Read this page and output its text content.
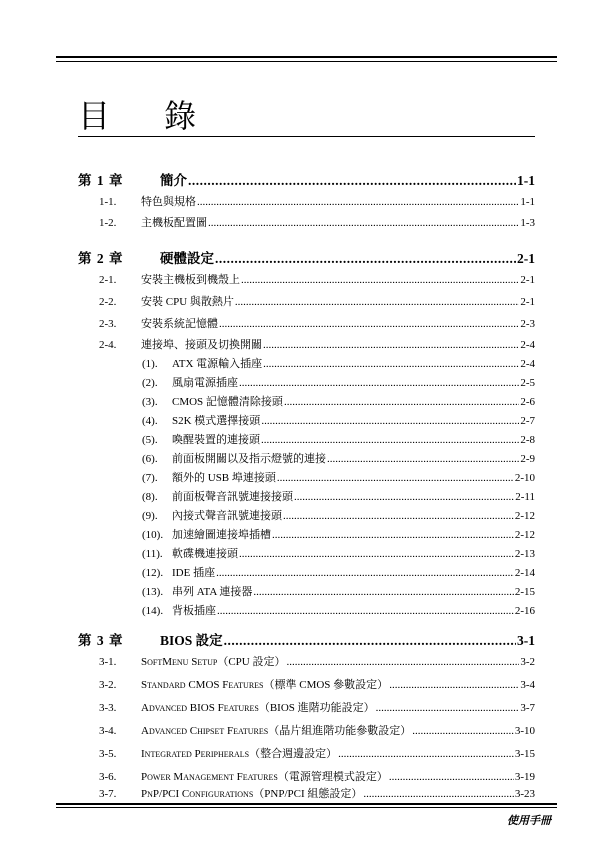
目 錄
第 1 章	簡介 .....	1-1
1-1.	特色與規格 .....	1-1
1-2.	主機板配置圖 .....	1-3
第 2 章	硬體設定 .....	2-1
2-1.	安裝主機板到機殼上 .....	2-1
2-2.	安裝 CPU 與散熱片 .....	2-1
2-3.	安裝系統記憶體 .....	2-3
2-4.	連接埠、接頭及切換開關 .....	2-4
(1).	ATX 電源輸入插座 .....	2-4
(2).	風扇電源插座 .....	2-5
(3).	CMOS 記憶體清除接頭 .....	2-6
(4).	S2K 模式選擇接頭 .....	2-7
(5).	喚醒裝置的連接頭 .....	2-8
(6).	前面板開關以及指示燈號的連接 .....	2-9
(7).	額外的 USB 埠連接頭 .....	2-10
(8).	前面板聲音訊號連接接頭 .....	2-11
(9).	內接式聲音訊號連接頭 .....	2-12
(10). 加速繪圖連接埠插槽 .....	2-12
(11). 軟碟機連接頭 .....	2-13
(12). IDE 插座 .....	2-14
(13). 串列 ATA 連接器 .....	2-15
(14). 背板插座 .....	2-16
第 3 章	BIOS 設定 .....	3-1
3-1.	SoftMenu Setup（CPU 設定） .....	3-2
3-2.	Standard CMOS Features（標準 CMOS 參數設定） .....	3-4
3-3.	Advanced BIOS Features（BIOS 進階功能設定） .....	3-7
3-4.	Advanced Chipset Features（晶片組進階功能參數設定） .....	3-10
3-5.	Integrated Peripherals（整合週邊設定） .....	3-15
3-6.	Power Management Features（電源管理模式設定） .....	3-19
3-7.	PnP/PCI Configurations（PNP/PCI 組態設定） .....	3-23
使用手冊
